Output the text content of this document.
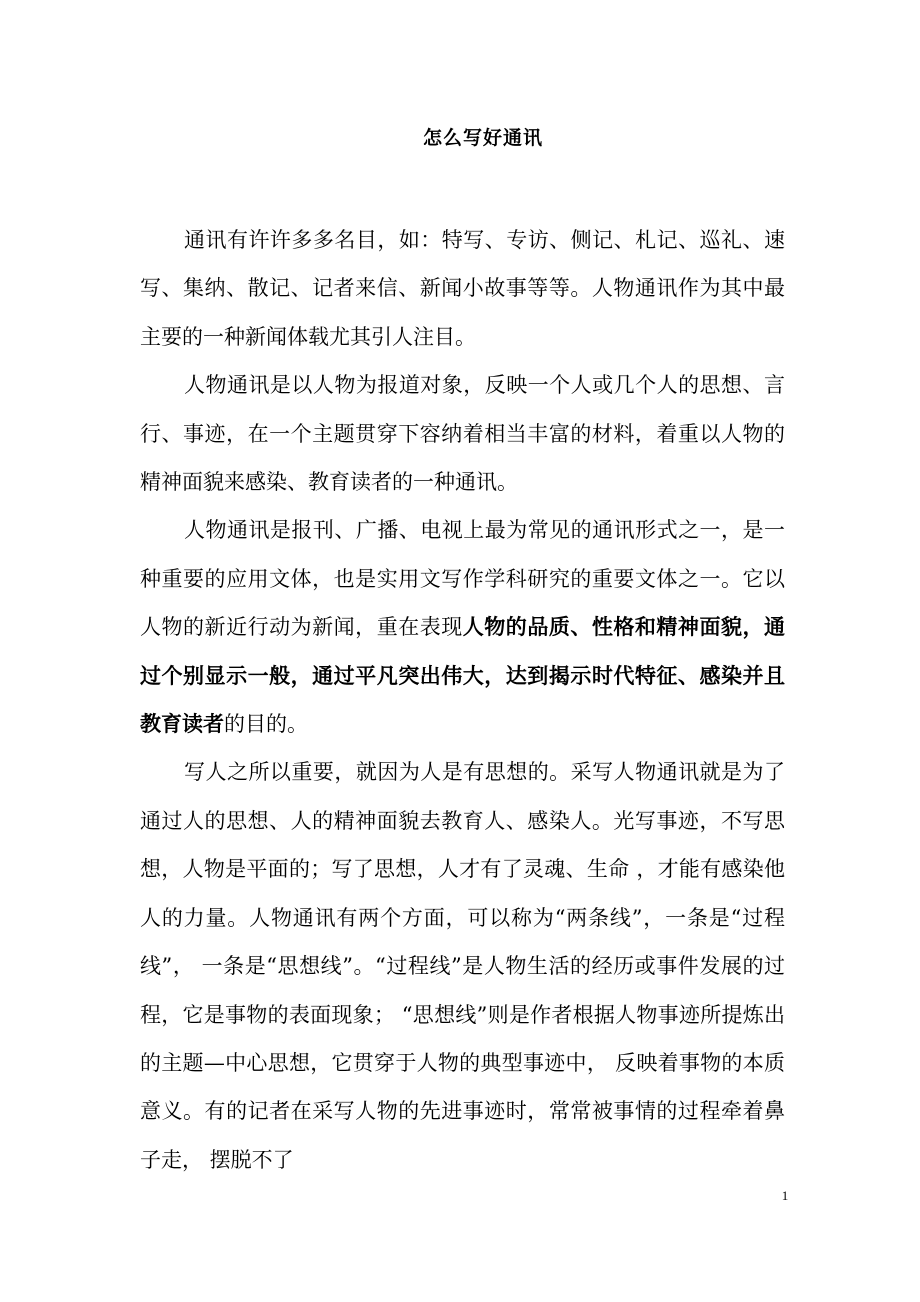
怎么写好通讯

通讯有许许多多名目，如：特写、专访、侧记、札记、巡礼、速写、集纳、散记、记者来信、新闻小故事等等。人物通讯作为其中最主要的一种新闻体载尤其引人注目。

人物通讯是以人物为报道对象，反映一个人或几个人的思想、言行、事迹，在一个主题贯穿下容纳着相当丰富的材料，着重以人物的精神面貌来感染、教育读者的一种通讯。

人物通讯是报刊、广播、电视上最为常见的通讯形式之一，是一种重要的应用文体，也是实用文写作学科研究的重要文体之一。它以人物的新近行动为新闻，重在表现人物的品质、性格和精神面貌，通过个别显示一般，通过平凡突出伟大，达到揭示时代特征、感染并且教育读者的目的。

写人之所以重要，就因为人是有思想的。采写人物通讯就是为了通过人的思想、人的精神面貌去教育人、感染人。光写事迹，不写思想，人物是平面的；写了思想，人才有了灵魂、生命 ，才能有感染他人的力量。人物通讯有两个方面，可以称为“两条线”，一条是“过程线”， 一条是“思想线”。“过程线”是人物生活的经历或事件发展的过程，它是事物的表面现象； “思想线”则是作者根据人物事迹所提炼出的主题—中心思想，它贯穿于人物的典型事迹中， 反映着事物的本质意义。有的记者在采写人物的先进事迹时，常常被事情的过程牵着鼻子走， 摆脱不了

1
